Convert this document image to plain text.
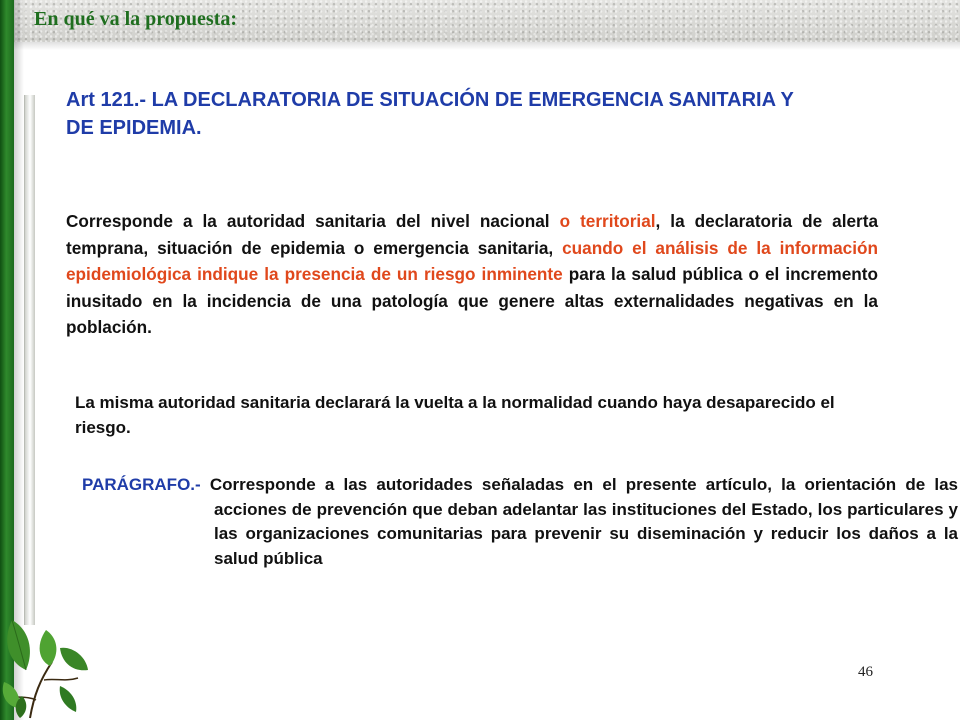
En qué va la propuesta:
Art 121.- LA DECLARATORIA DE SITUACIÓN DE EMERGENCIA SANITARIA Y DE EPIDEMIA.
Corresponde a la autoridad sanitaria del nivel nacional o territorial, la declaratoria de alerta temprana, situación de epidemia o emergencia sanitaria, cuando el análisis de la información epidemiológica indique la presencia de un riesgo inminente para la salud pública o el incremento inusitado en la incidencia de una patología que genere altas externalidades negativas en la población.
La misma autoridad sanitaria declarará la vuelta a la normalidad cuando haya desaparecido el riesgo.
PARÁGRAFO.- Corresponde a las autoridades señaladas en el presente artículo, la orientación de las acciones de prevención que deban adelantar las instituciones del Estado, los particulares y las organizaciones comunitarias para prevenir su diseminación y reducir los daños a la salud pública
46
